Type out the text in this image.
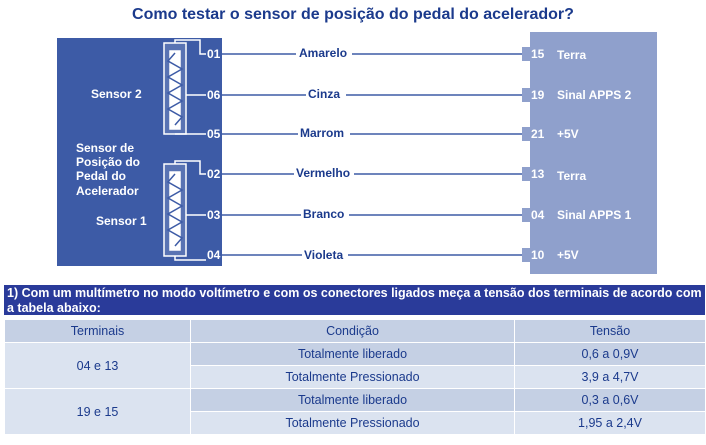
Como testar o sensor de posição do pedal do acelerador?
Sensor 2
Sensor de
Posição do
Pedal do
Acelerador
Sensor 1
01	Amarelo	15 Terra
06	Cinza	19 Sinal APPS 2
05	Marrom	21 +5V
02	Vermelho	13 Terra
03	Branco	04 Sinal APPS 1
04	Violeta	10 +5V
1) Com um multímetro no modo voltímetro e com os conectores ligados meça a tensão dos terminais de acordo com a tabela abaixo:
Terminais	Condição	Tensão
04 e 13	Totalmente liberado	0,6 a 0,9V
	Totalmente Pressionado	3,9 a 4,7V
19 e 15	Totalmente liberado	0,3 a 0,6V
	Totalmente Pressionado	1,95 a 2,4V
